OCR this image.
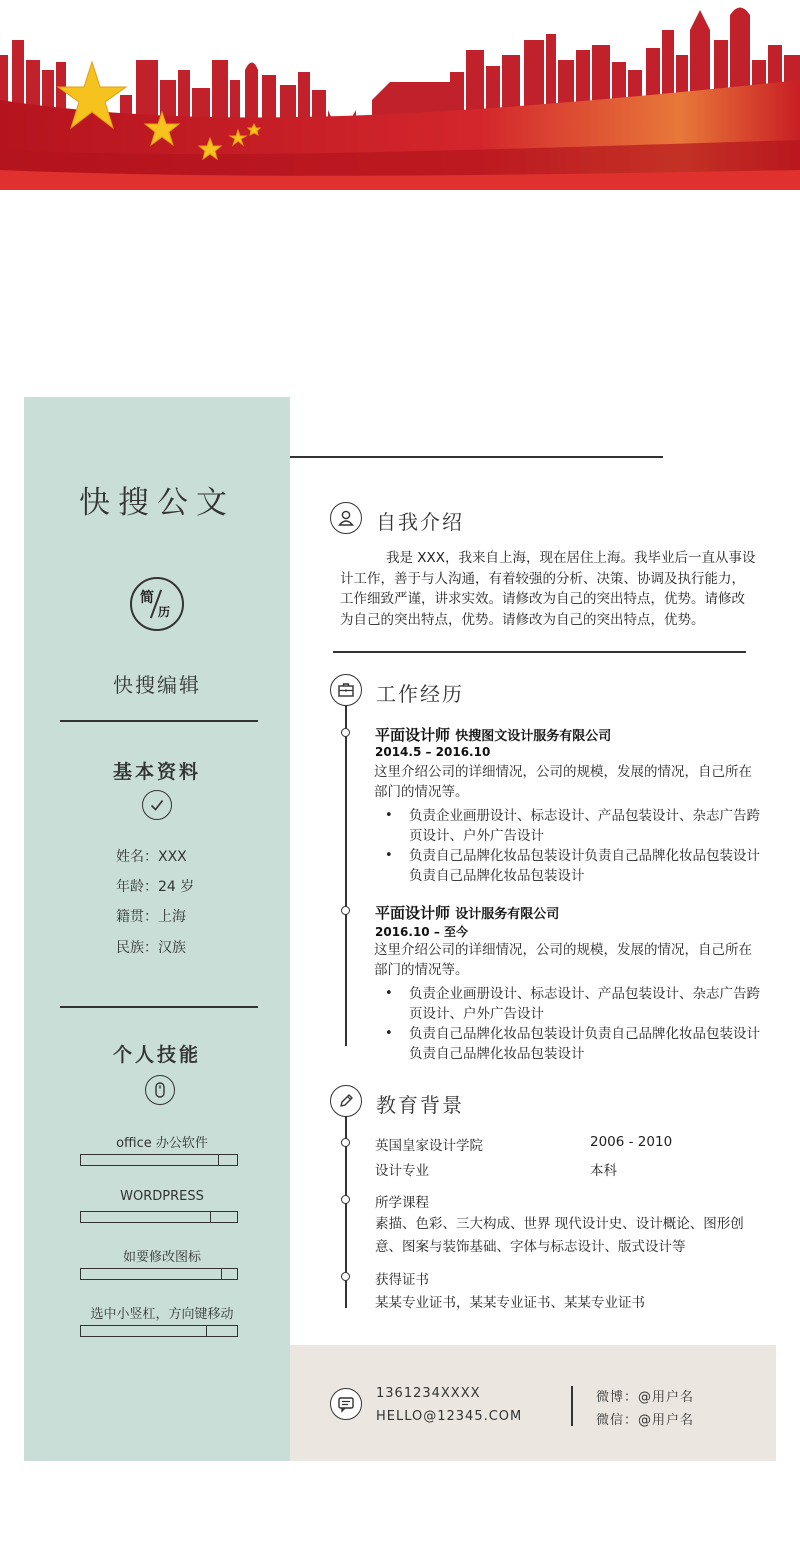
快搜公文
简
历
快搜编辑
基本资料
姓名：XXX
年龄：24 岁
籍贯：上海
民族：汉族
个人技能
office 办公软件
WORDPRESS
如要修改图标
选中小竖杠，方向键移动
自我介绍
我是 XXX，我来自上海，现在居住上海。我毕业后一直从事设
计工作，善于与人沟通，有着较强的分析、决策、协调及执行能力，
工作细致严谨，讲求实效。请修改为自己的突出特点，优势。请修改
为自己的突出特点，优势。请修改为自己的突出特点，优势。
工作经历
平面设计师 快搜图文设计服务有限公司
2014.5 – 2016.10
这里介绍公司的详细情况，公司的规模，发展的情况，自己所在
部门的情况等。
• 负责企业画册设计、标志设计、产品包装设计、杂志广告跨
页设计、户外广告设计
• 负责自己品牌化妆品包装设计负责自己品牌化妆品包装设计
负责自己品牌化妆品包装设计
平面设计师 设计服务有限公司
2016.10 – 至今
这里介绍公司的详细情况，公司的规模，发展的情况，自己所在
部门的情况等。
• 负责企业画册设计、标志设计、产品包装设计、杂志广告跨
页设计、户外广告设计
• 负责自己品牌化妆品包装设计负责自己品牌化妆品包装设计
负责自己品牌化妆品包装设计
教育背景
英国皇家设计学院	2006 - 2010
设计专业	本科
所学课程
素描、色彩、三大构成、世界 现代设计史、设计概论、图形创
意、图案与装饰基础、字体与标志设计、版式设计等
获得证书
某某专业证书，某某专业证书、某某专业证书
1361234XXXX
HELLO@12345.COM
微博：@用户名
微信：@用户名
